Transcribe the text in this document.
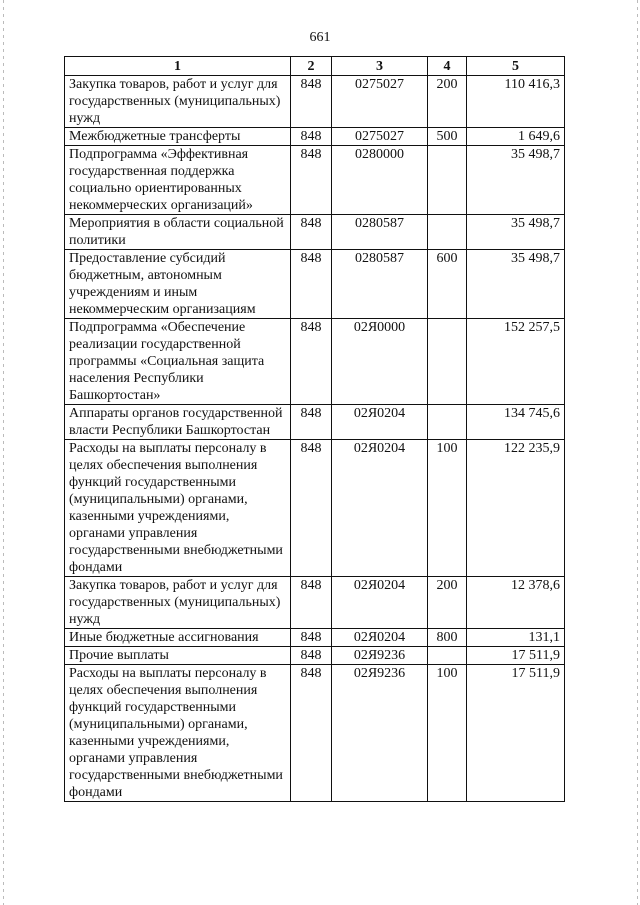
661
1	2	3	4	5
Закупка товаров, работ и услуг для государственных (муниципальных) нужд	848	0275027	200	110 416,3
Межбюджетные трансферты	848	0275027	500	1 649,6
Подпрограмма «Эффективная государственная поддержка социально ориентированных некоммерческих организаций»	848	0280000		35 498,7
Мероприятия в области социальной политики	848	0280587		35 498,7
Предоставление субсидий бюджетным, автономным учреждениям и иным некоммерческим организациям	848	0280587	600	35 498,7
Подпрограмма «Обеспечение реализации государственной программы «Социальная защита населения Республики Башкортостан»	848	02Я0000		152 257,5
Аппараты органов государственной власти Республики Башкортостан	848	02Я0204		134 745,6
Расходы на выплаты персоналу в целях обеспечения выполнения функций государственными (муниципальными) органами, казенными учреждениями, органами управления государственными внебюджетными фондами	848	02Я0204	100	122 235,9
Закупка товаров, работ и услуг для государственных (муниципальных) нужд	848	02Я0204	200	12 378,6
Иные бюджетные ассигнования	848	02Я0204	800	131,1
Прочие выплаты	848	02Я9236		17 511,9
Расходы на выплаты персоналу в целях обеспечения выполнения функций государственными (муниципальными) органами, казенными учреждениями, органами управления государственными внебюджетными фондами	848	02Я9236	100	17 511,9
